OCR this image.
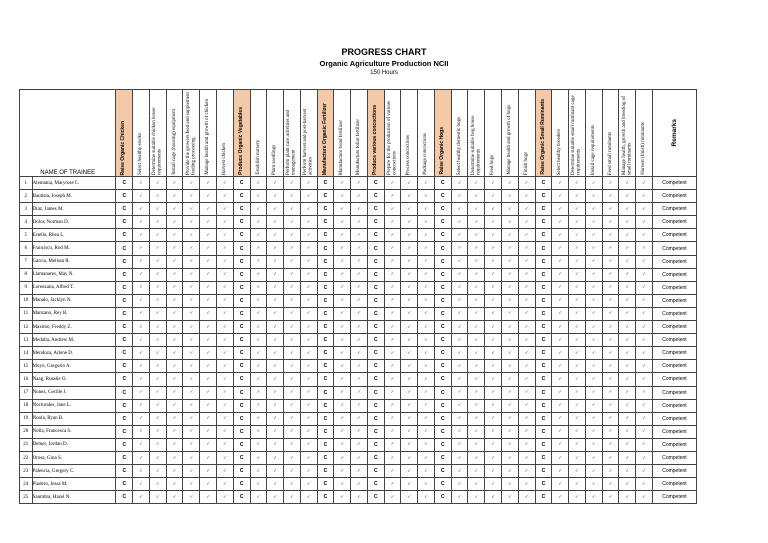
PROGRESS CHART
Organic Agriculture Production NCII
150 Hours
NAME OF TRAINEE		Raise Organic Chicken	Select healthy stocks	Determine suitable chicken house requirements	Install cage (housing) equipment	Provide the growers feed and supplement feeding processing	Manage health and growth of chicken	Harvest chicken	Produce Organic Vegetables	Establish nursery	Plant seedlings	Perform plant care activities and management	Perform harvest and post-harvest activities	Manufacture Organic Fertilizer	Manufacture bond fertilizer	Manufacture foliar fertilizer	Produce various concoctions	Prepare for the production of various concoctions	Process concoctions	Package concoctions	Raise Organic Hogs	Select healthy domestic hogs	Determine suitable hog house requirements	Feed hogs	Manage health and growth of hogs	Finish hogs	Raise Organic Small Ruminants	Select healthy breeders	Determine suitable small ruminant cage requirements	Install cage requirements	Feed small ruminants	Manage health, growth and breeding of small ruminants	Harvest (finish) ruminants	Remarks

1	Alemania, Maryrose C.	C	✓	✓	✓	✓	✓	✓	C	✓	✓	✓	✓	C	✓	✓	C	✓	✓	✓	C	✓	✓	✓	✓	✓	C	✓	✓	✓	✓	✓	✓	Competent
2	Bautista, Joseph M.	C	✓	✓	✓	✓	✓	✓	C	✓	✓	✓	✓	C	✓	✓	C	✓	✓	✓	C	✓	✓	✓	✓	✓	C	✓	✓	✓	✓	✓	✓	Competent
3	Diaz, James M.	C	✓	✓	✓	✓	✓	✓	C	✓	✓	✓	✓	C	✓	✓	C	✓	✓	✓	C	✓	✓	✓	✓	✓	C	✓	✓	✓	✓	✓	✓	Competent
4	Dolor, Norman D.	C	✓	✓	✓	✓	✓	✓	C	✓	✓	✓	✓	C	✓	✓	C	✓	✓	✓	C	✓	✓	✓	✓	✓	C	✓	✓	✓	✓	✓	✓	Competent
5	Estella, Rhea L.	C	✓	✓	✓	✓	✓	✓	C	✓	✓	✓	✓	C	✓	✓	C	✓	✓	✓	C	✓	✓	✓	✓	✓	C	✓	✓	✓	✓	✓	✓	Competent
6	Francisco, Rod M.	C	✓	✓	✓	✓	✓	✓	C	✓	✓	✓	✓	C	✓	✓	C	✓	✓	✓	C	✓	✓	✓	✓	✓	C	✓	✓	✓	✓	✓	✓	Competent
7	Garcia, Melissa R.	C	✓	✓	✓	✓	✓	✓	C	✓	✓	✓	✓	C	✓	✓	C	✓	✓	✓	C	✓	✓	✓	✓	✓	C	✓	✓	✓	✓	✓	✓	Competent
8	Llamanares, May N.	C	✓	✓	✓	✓	✓	✓	C	✓	✓	✓	✓	C	✓	✓	C	✓	✓	✓	C	✓	✓	✓	✓	✓	C	✓	✓	✓	✓	✓	✓	Competent
9	Lorenzana, Alfred T.	C	✓	✓	✓	✓	✓	✓	C	✓	✓	✓	✓	C	✓	✓	C	✓	✓	✓	C	✓	✓	✓	✓	✓	C	✓	✓	✓	✓	✓	✓	Competent
10	Manalo, Jacklyn N.	C	✓	✓	✓	✓	✓	✓	C	✓	✓	✓	✓	C	✓	✓	C	✓	✓	✓	C	✓	✓	✓	✓	✓	C	✓	✓	✓	✓	✓	✓	Competent
11	Manzano, Rey R.	C	✓	✓	✓	✓	✓	✓	C	✓	✓	✓	✓	C	✓	✓	C	✓	✓	✓	C	✓	✓	✓	✓	✓	C	✓	✓	✓	✓	✓	✓	Competent
12	Maximo, Freddy Z.	C	✓	✓	✓	✓	✓	✓	C	✓	✓	✓	✓	C	✓	✓	C	✓	✓	✓	C	✓	✓	✓	✓	✓	C	✓	✓	✓	✓	✓	✓	Competent
13	Medalla, Andrew M.	C	✓	✓	✓	✓	✓	✓	C	✓	✓	✓	✓	C	✓	✓	C	✓	✓	✓	C	✓	✓	✓	✓	✓	C	✓	✓	✓	✓	✓	✓	Competent
14	Mendoza, Arlene D.	C	✓	✓	✓	✓	✓	✓	C	✓	✓	✓	✓	C	✓	✓	C	✓	✓	✓	C	✓	✓	✓	✓	✓	C	✓	✓	✓	✓	✓	✓	Competent
15	Moyo, Gregorio A.	C	✓	✓	✓	✓	✓	✓	C	✓	✓	✓	✓	C	✓	✓	C	✓	✓	✓	C	✓	✓	✓	✓	✓	C	✓	✓	✓	✓	✓	✓	Competent
16	Naag, Rosalie O.	C	✓	✓	✓	✓	✓	✓	C	✓	✓	✓	✓	C	✓	✓	C	✓	✓	✓	C	✓	✓	✓	✓	✓	C	✓	✓	✓	✓	✓	✓	Competent
17	Nunez, Cecille J.	C	✓	✓	✓	✓	✓	✓	C	✓	✓	✓	✓	C	✓	✓	C	✓	✓	✓	C	✓	✓	✓	✓	✓	C	✓	✓	✓	✓	✓	✓	Competent
18	Nocturales, Jane L.	C	✓	✓	✓	✓	✓	✓	C	✓	✓	✓	✓	C	✓	✓	C	✓	✓	✓	C	✓	✓	✓	✓	✓	C	✓	✓	✓	✓	✓	✓	Competent
19	Noola, Ryan B.	C	✓	✓	✓	✓	✓	✓	C	✓	✓	✓	✓	C	✓	✓	C	✓	✓	✓	C	✓	✓	✓	✓	✓	C	✓	✓	✓	✓	✓	✓	Competent
20	Nolla, Francesca S.	C	✓	✓	✓	✓	✓	✓	C	✓	✓	✓	✓	C	✓	✓	C	✓	✓	✓	C	✓	✓	✓	✓	✓	C	✓	✓	✓	✓	✓	✓	Competent
21	Demer, Jordan D.	C	✓	✓	✓	✓	✓	✓	C	✓	✓	✓	✓	C	✓	✓	C	✓	✓	✓	C	✓	✓	✓	✓	✓	C	✓	✓	✓	✓	✓	✓	Competent
22	Orosa, Gina S.	C	✓	✓	✓	✓	✓	✓	C	✓	✓	✓	✓	C	✓	✓	C	✓	✓	✓	C	✓	✓	✓	✓	✓	C	✓	✓	✓	✓	✓	✓	Competent
23	Palencia, Gregory C.	C	✓	✓	✓	✓	✓	✓	C	✓	✓	✓	✓	C	✓	✓	C	✓	✓	✓	C	✓	✓	✓	✓	✓	C	✓	✓	✓	✓	✓	✓	Competent
24	Pladero, Jessa M.	C	✓	✓	✓	✓	✓	✓	C	✓	✓	✓	✓	C	✓	✓	C	✓	✓	✓	C	✓	✓	✓	✓	✓	C	✓	✓	✓	✓	✓	✓	Competent
25	Saumbra, Hazel N.	C	✓	✓	✓	✓	✓	✓	C	✓	✓	✓	✓	C	✓	✓	C	✓	✓	✓	C	✓	✓	✓	✓	✓	C	✓	✓	✓	✓	✓	✓	Competent
